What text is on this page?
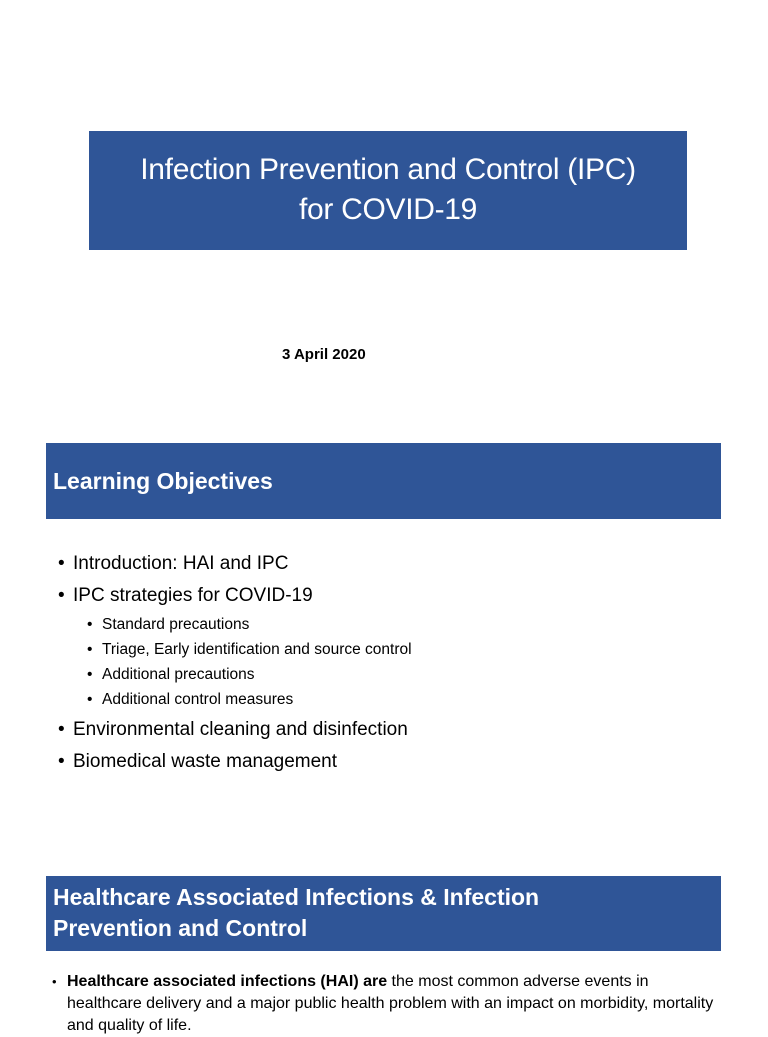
Infection Prevention and Control (IPC)
for COVID-19
3 April 2020
Learning Objectives
• Introduction: HAI and IPC
• IPC strategies for COVID-19
• Standard precautions
• Triage, Early identification and source control
• Additional precautions
• Additional control measures
• Environmental cleaning and disinfection
• Biomedical waste management
Healthcare Associated Infections & Infection
Prevention and Control
• Healthcare associated infections (HAI) are the most common adverse events in healthcare delivery and a major public health problem with an impact on morbidity, mortality and quality of life.
